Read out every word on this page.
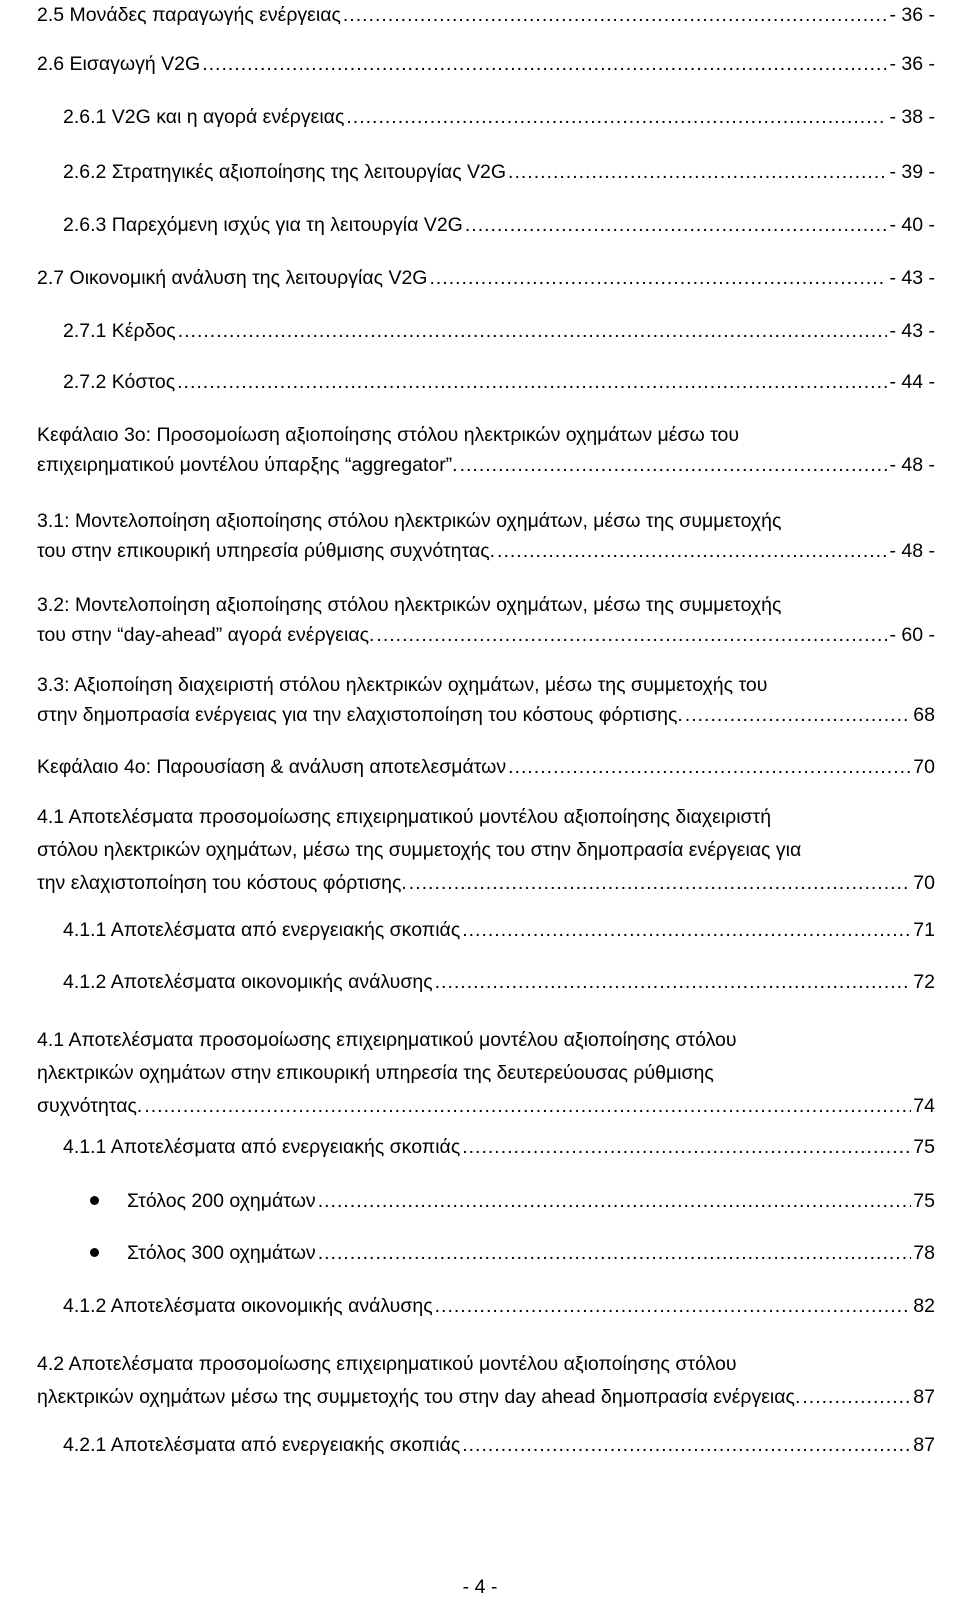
2.5 Μονάδες παραγωγής ενέργειας .....	- 36 -
2.6 Εισαγωγή V2G .....	- 36 -
2.6.1 V2G και η αγορά ενέργειας .....	- 38 -
2.6.2 Στρατηγικές αξιοποίησης της λειτουργίας V2G .....	- 39 -
2.6.3 Παρεχόμενη ισχύς για τη λειτουργία V2G .....	- 40 -
2.7 Οικονομική ανάλυση της λειτουργίας V2G .....	- 43 -
2.7.1 Κέρδος .....	- 43 -
2.7.2 Κόστος .....	- 44 -
Κεφάλαιο 3ο: Προσομοίωση αξιοποίησης στόλου ηλεκτρικών οχημάτων μέσω του
επιχειρηματικού μοντέλου ύπαρξης “aggregator”. .....	- 48 -
3.1: Μοντελοποίηση αξιοποίησης στόλου ηλεκτρικών οχημάτων, μέσω της συμμετοχής
του στην επικουρική υπηρεσία ρύθμισης συχνότητας. .....	- 48 -
3.2: Μοντελοποίηση αξιοποίησης στόλου ηλεκτρικών οχημάτων, μέσω της συμμετοχής
του στην “day-ahead” αγορά ενέργειας. .....	- 60 -
3.3: Αξιοποίηση διαχειριστή στόλου ηλεκτρικών οχημάτων, μέσω της συμμετοχής του
στην δημοπρασία ενέργειας για την ελαχιστοποίηση του κόστους φόρτισης. .....	68
Κεφάλαιο 4ο: Παρουσίαση & ανάλυση αποτελεσμάτων .....	70
4.1 Αποτελέσματα προσομοίωσης επιχειρηματικού μοντέλου αξιοποίησης διαχειριστή
στόλου ηλεκτρικών οχημάτων, μέσω της συμμετοχής του στην δημοπρασία ενέργειας για
την ελαχιστοποίηση του κόστους φόρτισης. .....	70
4.1.1 Αποτελέσματα από ενεργειακής σκοπιάς .....	71
4.1.2 Αποτελέσματα οικονομικής ανάλυσης .....	72
4.1 Αποτελέσματα προσομοίωσης επιχειρηματικού μοντέλου αξιοποίησης στόλου
ηλεκτρικών οχημάτων στην επικουρική υπηρεσία της δευτερεύουσας ρύθμισης
συχνότητας. .....	74
4.1.1 Αποτελέσματα από ενεργειακής σκοπιάς .....	75
Στόλος 200 οχημάτων .....	75
Στόλος 300 οχημάτων .....	78
4.1.2 Αποτελέσματα οικονομικής ανάλυσης .....	82
4.2 Αποτελέσματα προσομοίωσης επιχειρηματικού μοντέλου αξιοποίησης στόλου
ηλεκτρικών οχημάτων μέσω της συμμετοχής του στην day ahead δημοπρασία ενέργειας. .....	87
4.2.1 Αποτελέσματα από ενεργειακής σκοπιάς .....	87
- 4 -
